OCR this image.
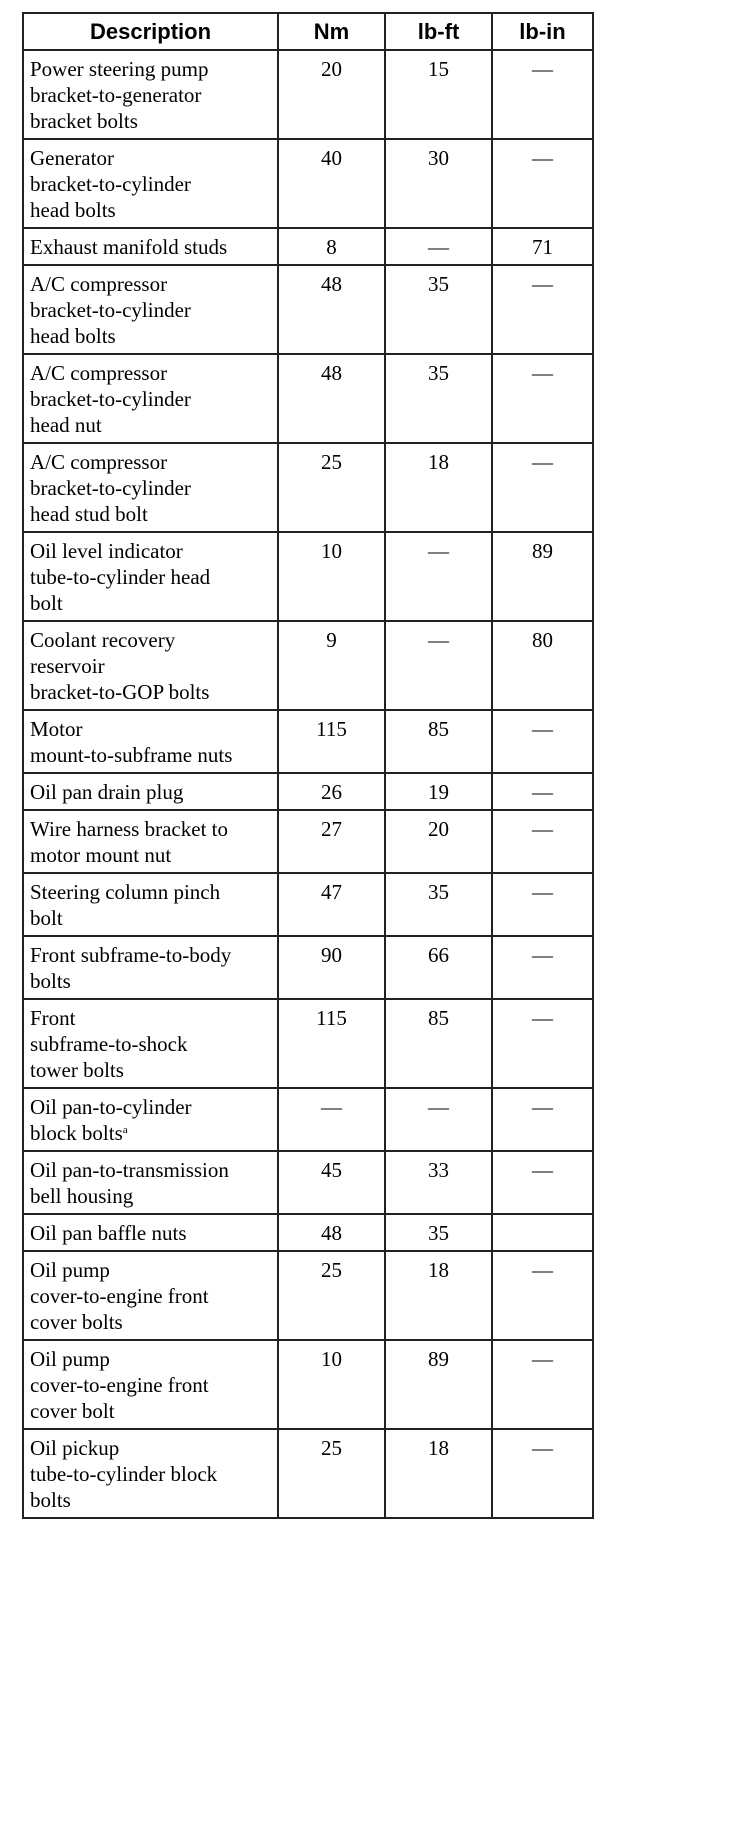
Description	Nm	lb-ft	lb-in
Power steering pump
bracket-to-generator
bracket bolts	20	15	—
Generator
bracket-to-cylinder
head bolts	40	30	—
Exhaust manifold studs	8	—	71
A/C compressor
bracket-to-cylinder
head bolts	48	35	—
A/C compressor
bracket-to-cylinder
head nut	48	35	—
A/C compressor
bracket-to-cylinder
head stud bolt	25	18	—
Oil level indicator
tube-to-cylinder head
bolt	10	—	89
Coolant recovery
reservoir
bracket-to-GOP bolts	9	—	80
Motor
mount-to-subframe nuts	115	85	—
Oil pan drain plug	26	19	—
Wire harness bracket to
motor mount nut	27	20	—
Steering column pinch
bolt	47	35	—
Front subframe-to-body
bolts	90	66	—
Front
subframe-to-shock
tower bolts	115	85	—
Oil pan-to-cylinder
block bolts$^a$	—	—	—
Oil pan-to-transmission
bell housing	45	33	—
Oil pan baffle nuts	48	35	
Oil pump
cover-to-engine front
cover bolts	25	18	—
Oil pump
cover-to-engine front
cover bolt	10	89	—
Oil pickup
tube-to-cylinder block
bolts	25	18	—
